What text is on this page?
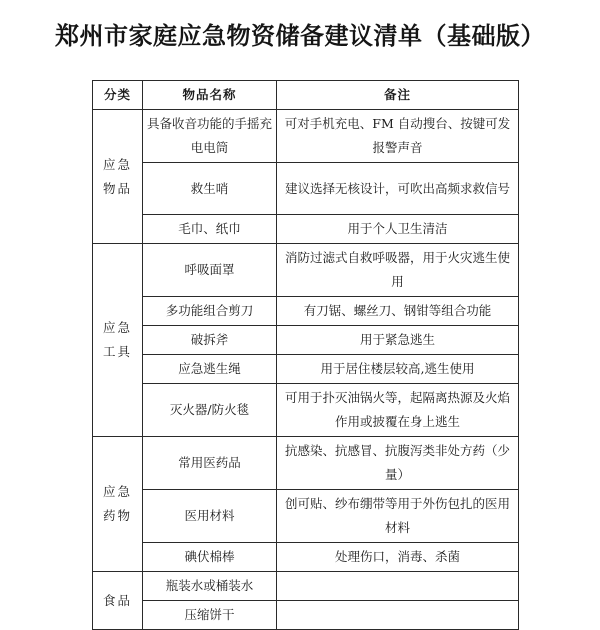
郑州市家庭应急物资储备建议清单（基础版）
分类	物品名称	备注
应急物品	具备收音功能的手摇充电电筒	可对手机充电、FM 自动搜台、按键可发报警声音
	救生哨	建议选择无核设计，可吹出高频求救信号
	毛巾、纸巾	用于个人卫生清洁
应急工具	呼吸面罩	消防过滤式自救呼吸器，用于火灾逃生使用
	多功能组合剪刀	有刀锯、螺丝刀、钢钳等组合功能
	破拆斧	用于紧急逃生
	应急逃生绳	用于居住楼层较高,逃生使用
	灭火器/防火毯	可用于扑灭油锅火等，起隔离热源及火焰作用或披覆在身上逃生
应急药物	常用医药品	抗感染、抗感冒、抗腹泻类非处方药（少量）
	医用材料	创可贴、纱布绷带等用于外伤包扎的医用材料
	碘伏棉棒	处理伤口，消毒、杀菌
食品	瓶装水或桶装水	
	压缩饼干	
